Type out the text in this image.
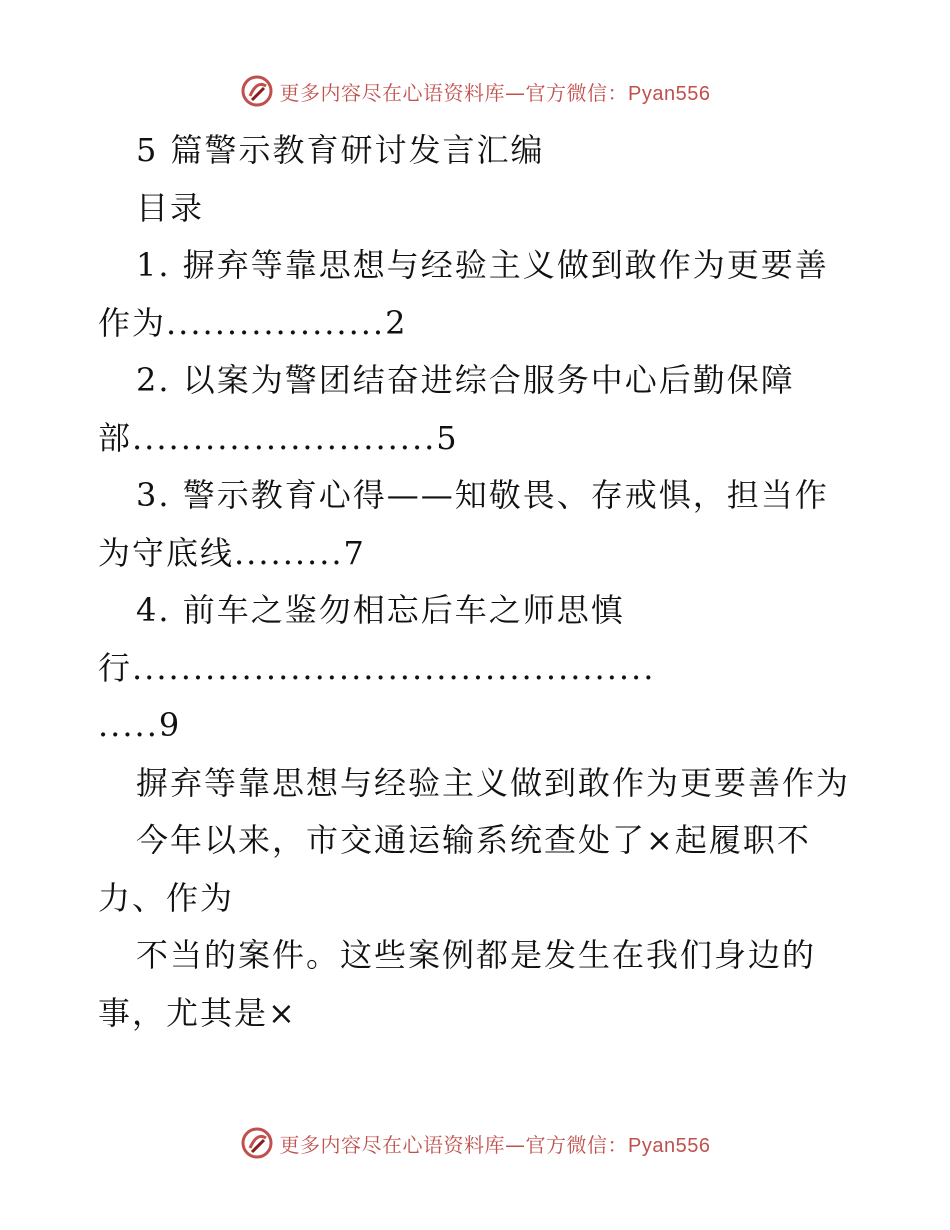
更多内容尽在心语资料库—官方微信：Pyan556
5 篇警示教育研讨发言汇编
目录
1. 摒弃等靠思想与经验主义做到敢作为更要善
作为..................2
2. 以案为警团结奋进综合服务中心后勤保障
部.........................5
3. 警示教育心得——知敬畏、存戒惧，担当作
为守底线.........7
4. 前车之鉴勿相忘后车之师思慎
行...........................................
.....9
摒弃等靠思想与经验主义做到敢作为更要善作为
今年以来，市交通运输系统查处了×起履职不
力、作为
不当的案件。这些案例都是发生在我们身边的
事，尤其是×
更多内容尽在心语资料库—官方微信：Pyan556
